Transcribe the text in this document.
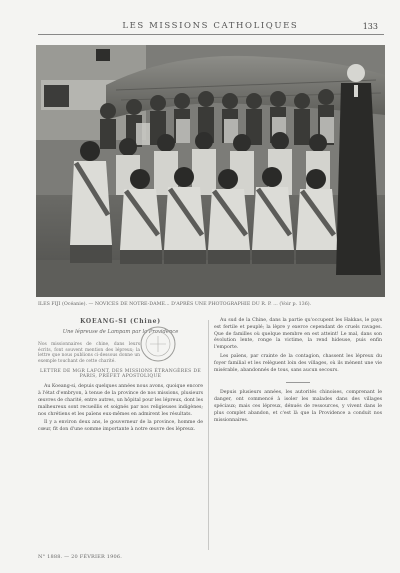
LES MISSIONS CATHOLIQUES	133
ILES FIJI (Océanie). — NOVICES DE NOTRE-DAME... D'APRÈS UNE PHOTOGRAPHIE DU R. P. ... (Voir p. 136).
KOEANG-SI (Chine)
Une lépreuse de Lampam par la Providence

Nos missionnaires de chine, dans leurs écrits, font souvent mention des lépreux; la lettre que nous publions ci-dessous donne un exemple touchant de cette charité.

LETTRE DE MGR LAFONT, DES MISSIONS ÉTRANGÈRES DE PARIS, PRÉFET APOSTOLIQUE

Au Koeang-si, depuis quelques années nous avons, quoique encore à l'état d'embryon, à tenue de la province de nos missions, plusieurs œuvres de charité, entre autres, un hôpital pour les lépreux, dont les malheureux sont recueillis et soignés par nos religieuses indigènes; nos chrétiens et les païens eux-mêmes en admirent les résultats.

Il y a environ deux ans, le gouverneur de la province, homme de cœur, fit don d'une somme importante à notre œuvre des lépreux.

Au sud de la Chine, dans la partie qu'occupent les Hakkas, le pays est fertile et peuplé; la lèpre y exerce cependant de cruels ravages. Que de familles où quelque membre en est atteint! Le mal, dans son évolution lente, ronge la victime, la rend hideuse, puis enfin l'emporte.

Les païens, par crainte de la contagion, chassent les lépreux du foyer familial et les relèguent loin des villages, où ils mènent une vie misérable, abandonnés de tous, sans aucun secours.

Depuis plusieurs années, les autorités chinoises, comprenant le danger, ont commencé à isoler les malades dans des villages spéciaux; mais ces lépreux, dénués de ressources, y vivent dans le plus complet abandon, et c'est là que la Providence a conduit nos missionnaires.

N° 1888. — 20 FÉVRIER 1906.
